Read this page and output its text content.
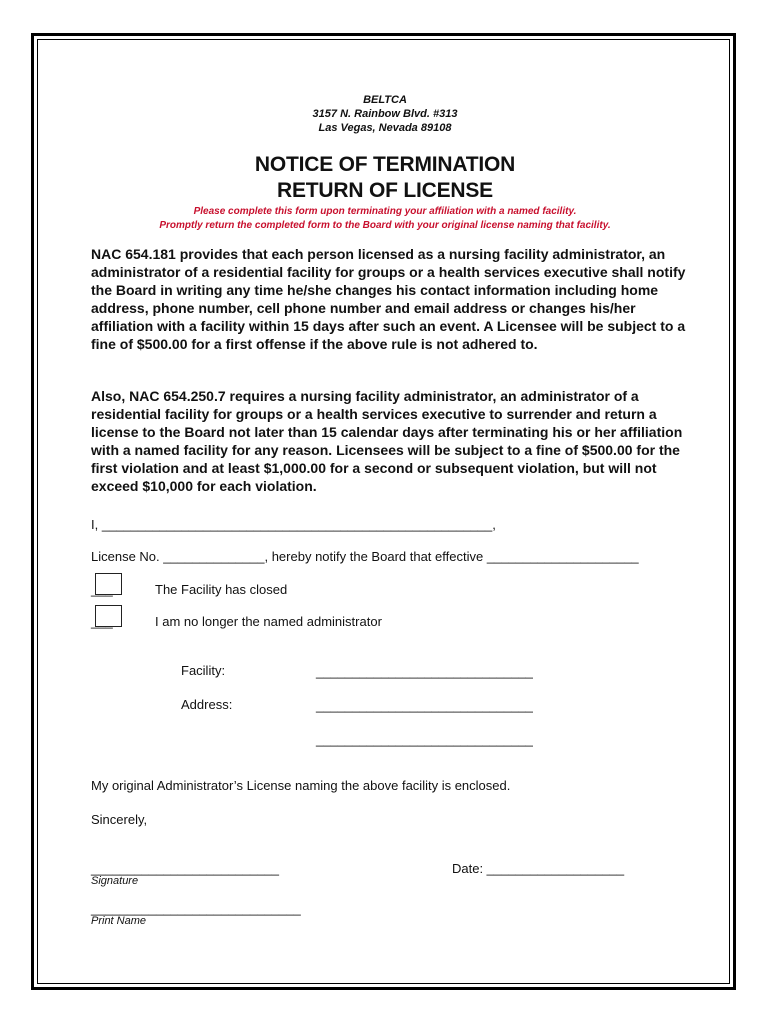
BELTCA
3157 N. Rainbow Blvd. #313
Las Vegas, Nevada 89108
NOTICE OF TERMINATION
RETURN OF LICENSE
Please complete this form upon terminating your affiliation with a named facility.
Promptly return the completed form to the Board with your original license naming that facility.

NAC 654.181 provides that each person licensed as a nursing facility administrator, an administrator of a residential facility for groups or a health services executive shall notify the Board in writing any time he/she changes his contact information including home address, phone number, cell phone number and email address or changes his/her affiliation with a facility within 15 days after such an event. A Licensee will be subject to a fine of $500.00 for a first offense if the above rule is not adhered to.

Also, NAC 654.250.7 requires a nursing facility administrator, an administrator of a residential facility for groups or a health services executive to surrender and return a license to the Board not later than 15 calendar days after terminating his or her affiliation with a named facility for any reason. Licensees will be subject to a fine of $500.00 for the first violation and at least $1,000.00 for a second or subsequent violation, but will not exceed $10,000 for each violation.

I, ______________________________________________________,
License No. ______________, hereby notify the Board that effective _____________________
___	The Facility has closed
___	I am no longer the named administrator
Facility:	______________________________
Address:	______________________________
______________________________
My original Administrator’s License naming the above facility is enclosed.
Sincerely,
__________________________
Signature
Date: ___________________
_____________________________
Print Name
